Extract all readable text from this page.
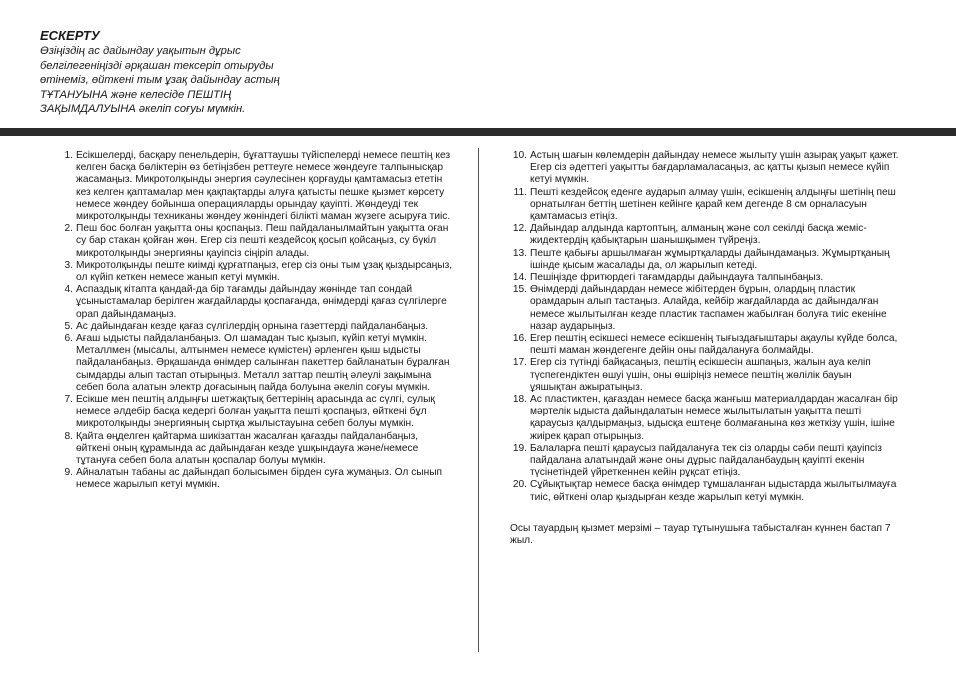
ЕСКЕРТУ

Өзіңіздің ас дайындау уақытын дұрыс
белгілегеніңізді әрқашан тексеріп отыруды
өтінеміз, өйткені тым ұзақ дайындау астың
ТҰТАНУЫНА және келесіде ПЕШТІҢ
ЗАҚЫМДАЛУЫНА әкеліп соғуы мүмкін.

1. Есікшелерді, басқару пенельдерін, бұғаттаушы түйіспелерді немесе пештің кез келген басқа бөліктерін өз бетіңізбен реттеуге немесе жөндеуге талпынысқар жасамаңыз. Микротолқынды энергия сәулесінен қорғауды қамтамасыз ететін кез келген қаптамалар мен қақпақтарды алуға қатысты пешке қызмет көрсету немесе жөндеу бойынша операцияларды орындау қауіпті. Жөндеуді тек микротолқынды техниканы жөндеу жөніндегі білікті маман жүзеге асыруға тиіс.
2. Пеш бос болған уақытта оны қоспаңыз. Пеш пайдаланылмайтын уақытта оған су бар стакан қойған жөн. Егер сіз пешті кездейсоқ қосып қойсаңыз, су бүкіл микротолқынды энергияны қауіпсіз сіңіріп алады.
3. Микротолқынды пеште киімді құрғатпаңыз, егер сіз оны тым ұзақ қыздырсаңыз, ол күйіп кеткен немесе жанып кетуі мүмкін.
4. Аспаздық кітапта қандай-да бір тағамды дайындау жөнінде тап сондай ұсыныстамалар берілген жағдайларды қоспағанда, өнімдерді қағаз сүлгілерге орап дайындамаңыз.
5. Ас дайындаған кезде қағаз сүлгілердің орнына газеттерді пайдаланбаңыз.
6. Ағаш ыдысты пайдаланбаңыз. Ол шамадан тыс қызып, күйіп кетуі мүмкін. Металлмен (мысалы, алтынмен немесе күмістен) әрленген қыш ыдысты пайдаланбаңыз. Әрқашанда өнімдер салынған пакеттер байланатын бұралған сымдарды алып тастап отырыңыз. Металл заттар пештің әлеулі зақымына себеп бола алатын электр доғасының пайда болуына әкеліп соғуы мүмкін.
7. Есікше мен пештің алдыңғы шетжақтық беттерінің арасында ас сүлгі, сулық немесе әлдебір басқа кедергі болған уақытта пешті қоспаңыз, өйткені бұл микротолқынды энергияның сыртқа жылыстауына себеп болуы мүмкін.
8. Қайта өңделген қайтарма шикізаттан жасалған қағазды пайдаланбаңыз, өйткені оның құрамында ас дайындаған кезде ұшқындауға және/немесе тұтануға себеп бола алатын қоспалар болуы мүмкін.
9. Айналатын табаны ас дайындап болысымен бірден суға жумаңыз. Ол сынып немесе жарылып кетуі мүмкін.
10. Астың шағын көлемдерін дайындау немесе жылыту үшін азырақ уақыт қажет. Егер сіз әдеттегі уақытты бағдарламаласаңыз, ас қатты қызып немесе күйіп кетуі мүмкін.
11. Пешті кездейсоқ еденге аударып алмау үшін, есікшенің алдыңғы шетінің пеш орнатылған беттің шетінен кейінге қарай кем дегенде 8 см орналасуын қамтамасыз етіңіз.
12. Дайындар алдында картоптың, алманың және сол секілді басқа жеміс-жидектердің қабықтарын шанышқымен түйреңіз.
13. Пеште қабығы аршылмаған жұмыртқаларды дайындамаңыз. Жұмыртқаның ішінде қысым жасалады да, ол жарылып кетеді.
14. Пешіңізде фритюрдегі тағамдарды дайындауға талпынбаңыз.
15. Өнімдерді дайындардан немесе жібітерден бұрын, олардың пластик орамдарын алып тастаңыз. Алайда, кейбір жағдайларда ас дайындалған немесе жылытылған кезде пластик таспамен жабылған болуға тиіс екеніне назар аударыңыз.
16. Егер пештің есікшесі немесе есікшенің тығыздағыштары ақаулы күйде болса, пешті маман жөндегенге дейін оны пайдалануға болмайды.
17. Егер сіз түтінді байқасаңыз, пештің есікшесін ашпаңыз, жалын ауа келіп түспегендіктен өшуі үшін, оны өшіріңіз немесе пештің жөлілік бауын ұяшықтан ажыратыңыз.
18. Ас пластиктен, қағаздан немесе басқа жанғыш материалдардан жасалған бір мәртелік ыдыста дайындалатын немесе жылытылатын уақытта пешті қараусыз қалдырмаңыз, ыдысқа ештеңе болмағанына көз жеткізу үшін, ішіне жиірек қарап отырыңыз.
19. Балаларға пешті қараусыз пайдалануға тек сіз оларды сәби пешті қауіпсіз пайдалана алатындай және оны дұрыс пайдаланбаудың қауіпті екенін түсінетіндей үйреткеннен кейін рұқсат етіңіз.
20. Сұйықтықтар немесе басқа өнімдер тұмшаланған ыдыстарда жылытылмауға тиіс, өйткені олар қыздырған кезде жарылып кетуі мүмкін.

Осы тауардың қызмет мерзімі – тауар тұтынушыға табысталған күннен бастап 7 жыл.
